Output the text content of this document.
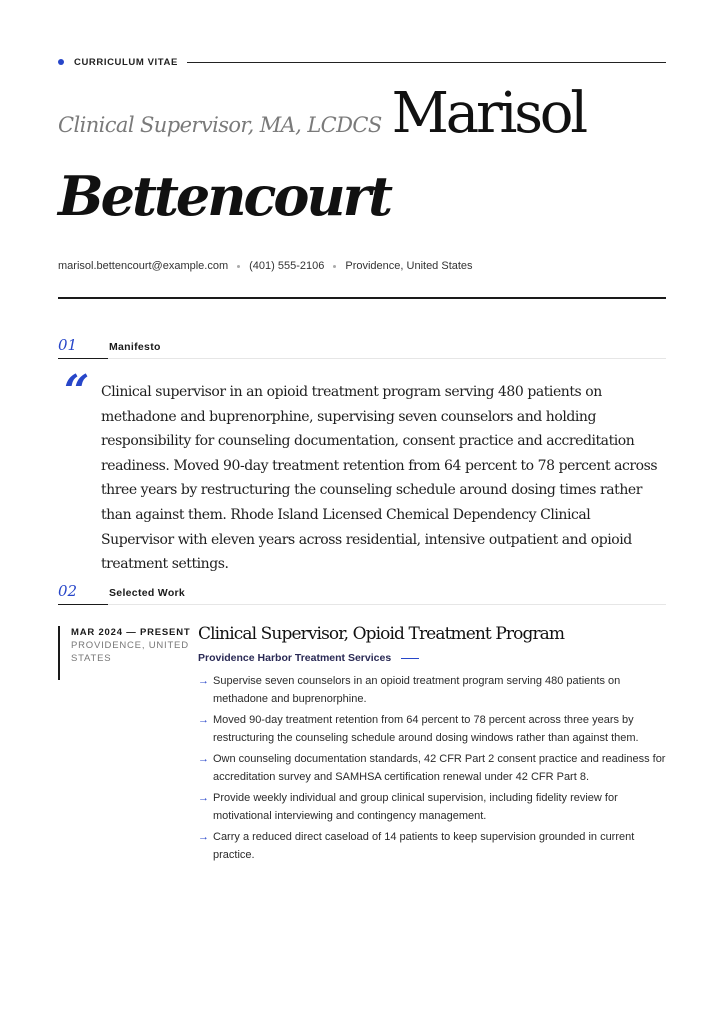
CURRICULUM VITAE
Clinical Supervisor, MA, LCDCS Marisol
Bettencourt
marisol.bettencourt@example.com (401) 555-2106 Providence, United States
01	Manifesto
“ Clinical supervisor in an opioid treatment program serving 480 patients on methadone and buprenorphine, supervising seven counselors and holding responsibility for counseling documentation, consent practice and accreditation readiness. Moved 90-day treatment retention from 64 percent to 78 percent across three years by restructuring the counseling schedule around dosing times rather than against them. Rhode Island Licensed Chemical Dependency Clinical Supervisor with eleven years across residential, intensive outpatient and opioid treatment settings.
02	Selected Work
MAR 2024 — PRESENT
PROVIDENCE, UNITED STATES
Clinical Supervisor, Opioid Treatment Program
Providence Harbor Treatment Services
→ Supervise seven counselors in an opioid treatment program serving 480 patients on methadone and buprenorphine.
→ Moved 90-day treatment retention from 64 percent to 78 percent across three years by restructuring the counseling schedule around dosing windows rather than against them.
→ Own counseling documentation standards, 42 CFR Part 2 consent practice and readiness for accreditation survey and SAMHSA certification renewal under 42 CFR Part 8.
→ Provide weekly individual and group clinical supervision, including fidelity review for motivational interviewing and contingency management.
→ Carry a reduced direct caseload of 14 patients to keep supervision grounded in current practice.
